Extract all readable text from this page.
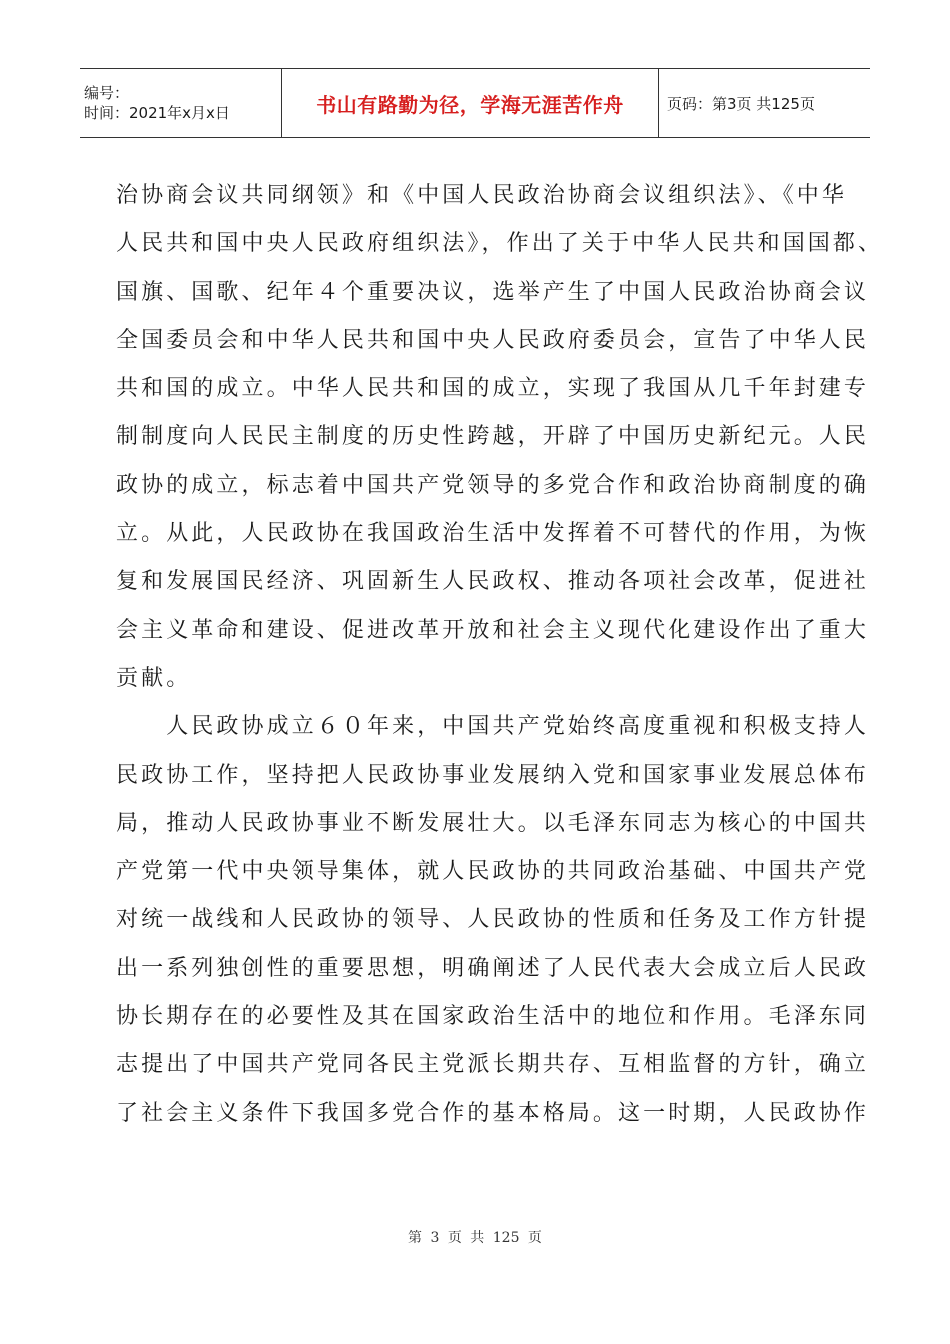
编号：
时间：2021年x月x日	书山有路勤为径，学海无涯苦作舟	页码：第3页 共125页
治协商会议共同纲领》和《中国人民政治协商会议组织法》、《中华
人民共和国中央人民政府组织法》，作出了关于中华人民共和国国都、
国旗、国歌、纪年４个重要决议，选举产生了中国人民政治协商会议
全国委员会和中华人民共和国中央人民政府委员会，宣告了中华人民
共和国的成立。中华人民共和国的成立，实现了我国从几千年封建专
制制度向人民民主制度的历史性跨越，开辟了中国历史新纪元。人民
政协的成立，标志着中国共产党领导的多党合作和政治协商制度的确
立。从此，人民政协在我国政治生活中发挥着不可替代的作用，为恢
复和发展国民经济、巩固新生人民政权、推动各项社会改革，促进社
会主义革命和建设、促进改革开放和社会主义现代化建设作出了重大
贡献。
　　人民政协成立６０年来，中国共产党始终高度重视和积极支持人
民政协工作，坚持把人民政协事业发展纳入党和国家事业发展总体布
局，推动人民政协事业不断发展壮大。以毛泽东同志为核心的中国共
产党第一代中央领导集体，就人民政协的共同政治基础、中国共产党
对统一战线和人民政协的领导、人民政协的性质和任务及工作方针提
出一系列独创性的重要思想，明确阐述了人民代表大会成立后人民政
协长期存在的必要性及其在国家政治生活中的地位和作用。毛泽东同
志提出了中国共产党同各民主党派长期共存、互相监督的方针，确立
了社会主义条件下我国多党合作的基本格局。这一时期，人民政协作
第 3 页 共 125 页
